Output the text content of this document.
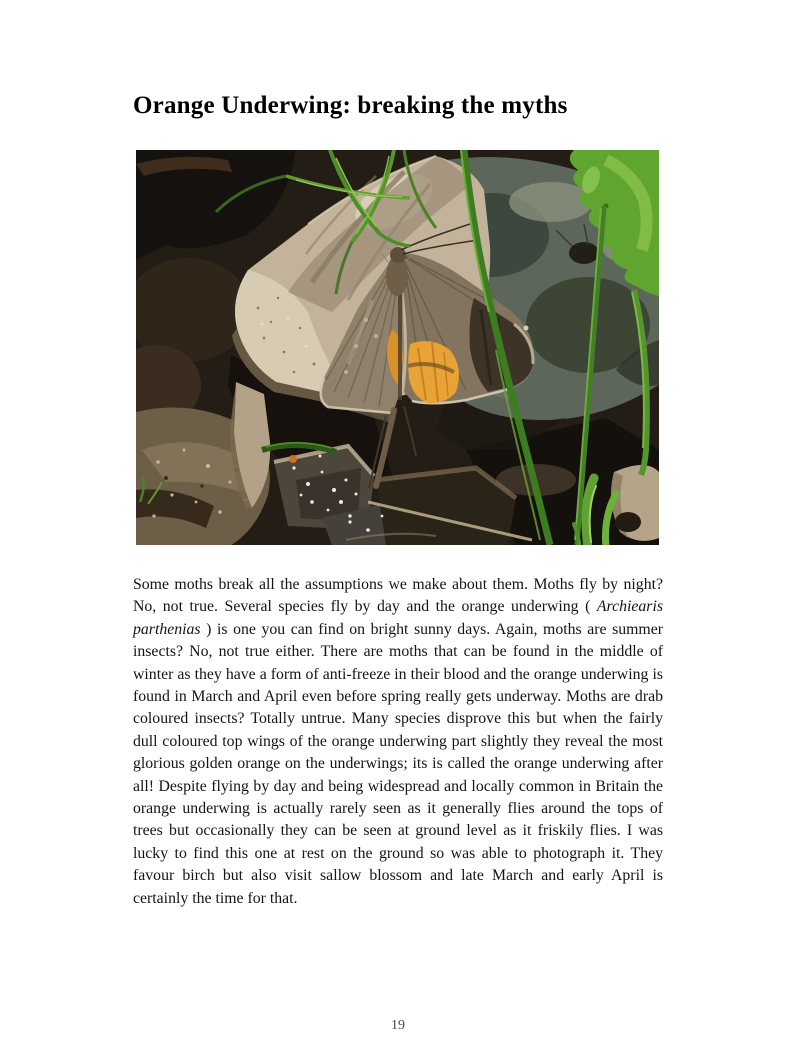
Orange Underwing: breaking the myths

Some moths break all the assumptions we make about them. Moths fly by night? No, not true. Several species fly by day and the orange underwing ( Archiearis parthenias ) is one you can find on bright sunny days. Again, moths are summer insects? No, not true either. There are moths that can be found in the middle of winter as they have a form of anti-freeze in their blood and the orange underwing is found in March and April even before spring really gets underway. Moths are drab coloured insects? Totally untrue. Many species disprove this but when the fairly dull coloured top wings of the orange underwing part slightly they reveal the most glorious golden orange on the underwings; its is called the orange underwing after all! Despite flying by day and being widespread and locally common in Britain the orange underwing is actually rarely seen as it generally flies around the tops of trees but occasionally they can be seen at ground level as it friskily flies. I was lucky to find this one at rest on the ground so was able to photograph it. They favour birch but also visit sallow blossom and late March and early April is certainly the time for that.

19
